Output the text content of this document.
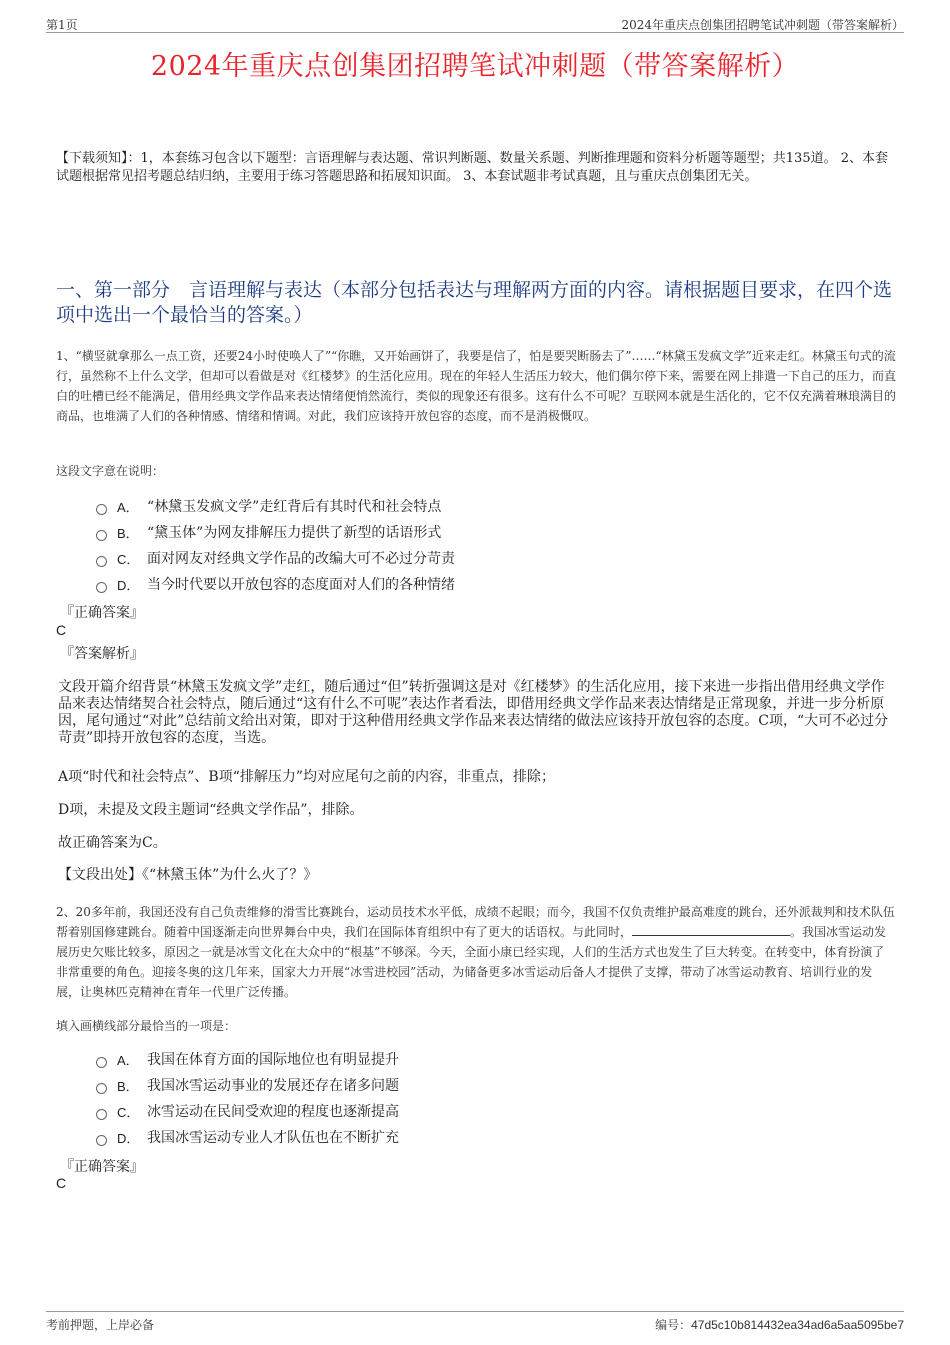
第1页	2024年重庆点创集团招聘笔试冲刺题（带答案解析）
2024年重庆点创集团招聘笔试冲刺题（带答案解析）
【下载须知】：1，本套练习包含以下题型：言语理解与表达题、常识判断题、数量关系题、判断推理题和资料分析题等题型；共135道。 2、本套试题根据常见招考题总结归纳，主要用于练习答题思路和拓展知识面。 3、本套试题非考试真题，且与重庆点创集团无关。
一、第一部分　言语理解与表达（本部分包括表达与理解两方面的内容。请根据题目要求，在四个选项中选出一个最恰当的答案。）
1、“横竖就拿那么一点工资，还要24小时使唤人了”“你瞧，又开始画饼了，我要是信了，怕是要哭断肠去了”……“林黛玉发疯文学”近来走红。林黛玉句式的流行，虽然称不上什么文学，但却可以看做是对《红楼梦》的生活化应用。现在的年轻人生活压力较大，他们偶尔停下来，需要在网上排遣一下自己的压力，而直白的吐槽已经不能满足，借用经典文学作品来表达情绪便悄然流行，类似的现象还有很多。这有什么不可呢？互联网本就是生活化的，它不仅充满着琳琅满目的商品，也堆满了人们的各种情感、情绪和情调。对此，我们应该持开放包容的态度，而不是消极慨叹。
这段文字意在说明：
A． “林黛玉发疯文学”走红背后有其时代和社会特点
B． “黛玉体”为网友排解压力提供了新型的话语形式
C． 面对网友对经典文学作品的改编大可不必过分苛责
D． 当今时代要以开放包容的态度面对人们的各种情绪
『正确答案』
C
『答案解析』
文段开篇介绍背景“林黛玉发疯文学”走红，随后通过“但”转折强调这是对《红楼梦》的生活化应用，接下来进一步指出借用经典文学作品来表达情绪契合社会特点，随后通过“这有什么不可呢”表达作者看法，即借用经典文学作品来表达情绪是正常现象，并进一步分析原因，尾句通过“对此”总结前文给出对策，即对于这种借用经典文学作品来表达情绪的做法应该持开放包容的态度。C项，“大可不必过分苛责”即持开放包容的态度，当选。
A项“时代和社会特点”、B项“排解压力”均对应尾句之前的内容，非重点，排除；
D项，未提及文段主题词“经典文学作品”，排除。
故正确答案为C。
【文段出处】《“林黛玉体”为什么火了？》
2、20多年前，我国还没有自己负责维修的滑雪比赛跳台，运动员技术水平低，成绩不起眼；而今，我国不仅负责维护最高难度的跳台，还外派裁判和技术队伍帮着别国修建跳台。随着中国逐渐走向世界舞台中央，我们在国际体育组织中有了更大的话语权。与此同时，	。我国冰雪运动发展历史欠账比较多，原因之一就是冰雪文化在大众中的“根基”不够深。今天，全面小康已经实现，人们的生活方式也发生了巨大转变。在转变中，体育扮演了非常重要的角色。迎接冬奥的这几年来，国家大力开展“冰雪进校园”活动，为储备更多冰雪运动后备人才提供了支撑，带动了冰雪运动教育、培训行业的发展，让奥林匹克精神在青年一代里广泛传播。
填入画横线部分最恰当的一项是：
A． 我国在体育方面的国际地位也有明显提升
B． 我国冰雪运动事业的发展还存在诸多问题
C． 冰雪运动在民间受欢迎的程度也逐渐提高
D． 我国冰雪运动专业人才队伍也在不断扩充
『正确答案』
C
考前押题，上岸必备	编号：47d5c10b814432ea34ad6a5aa5095be7
